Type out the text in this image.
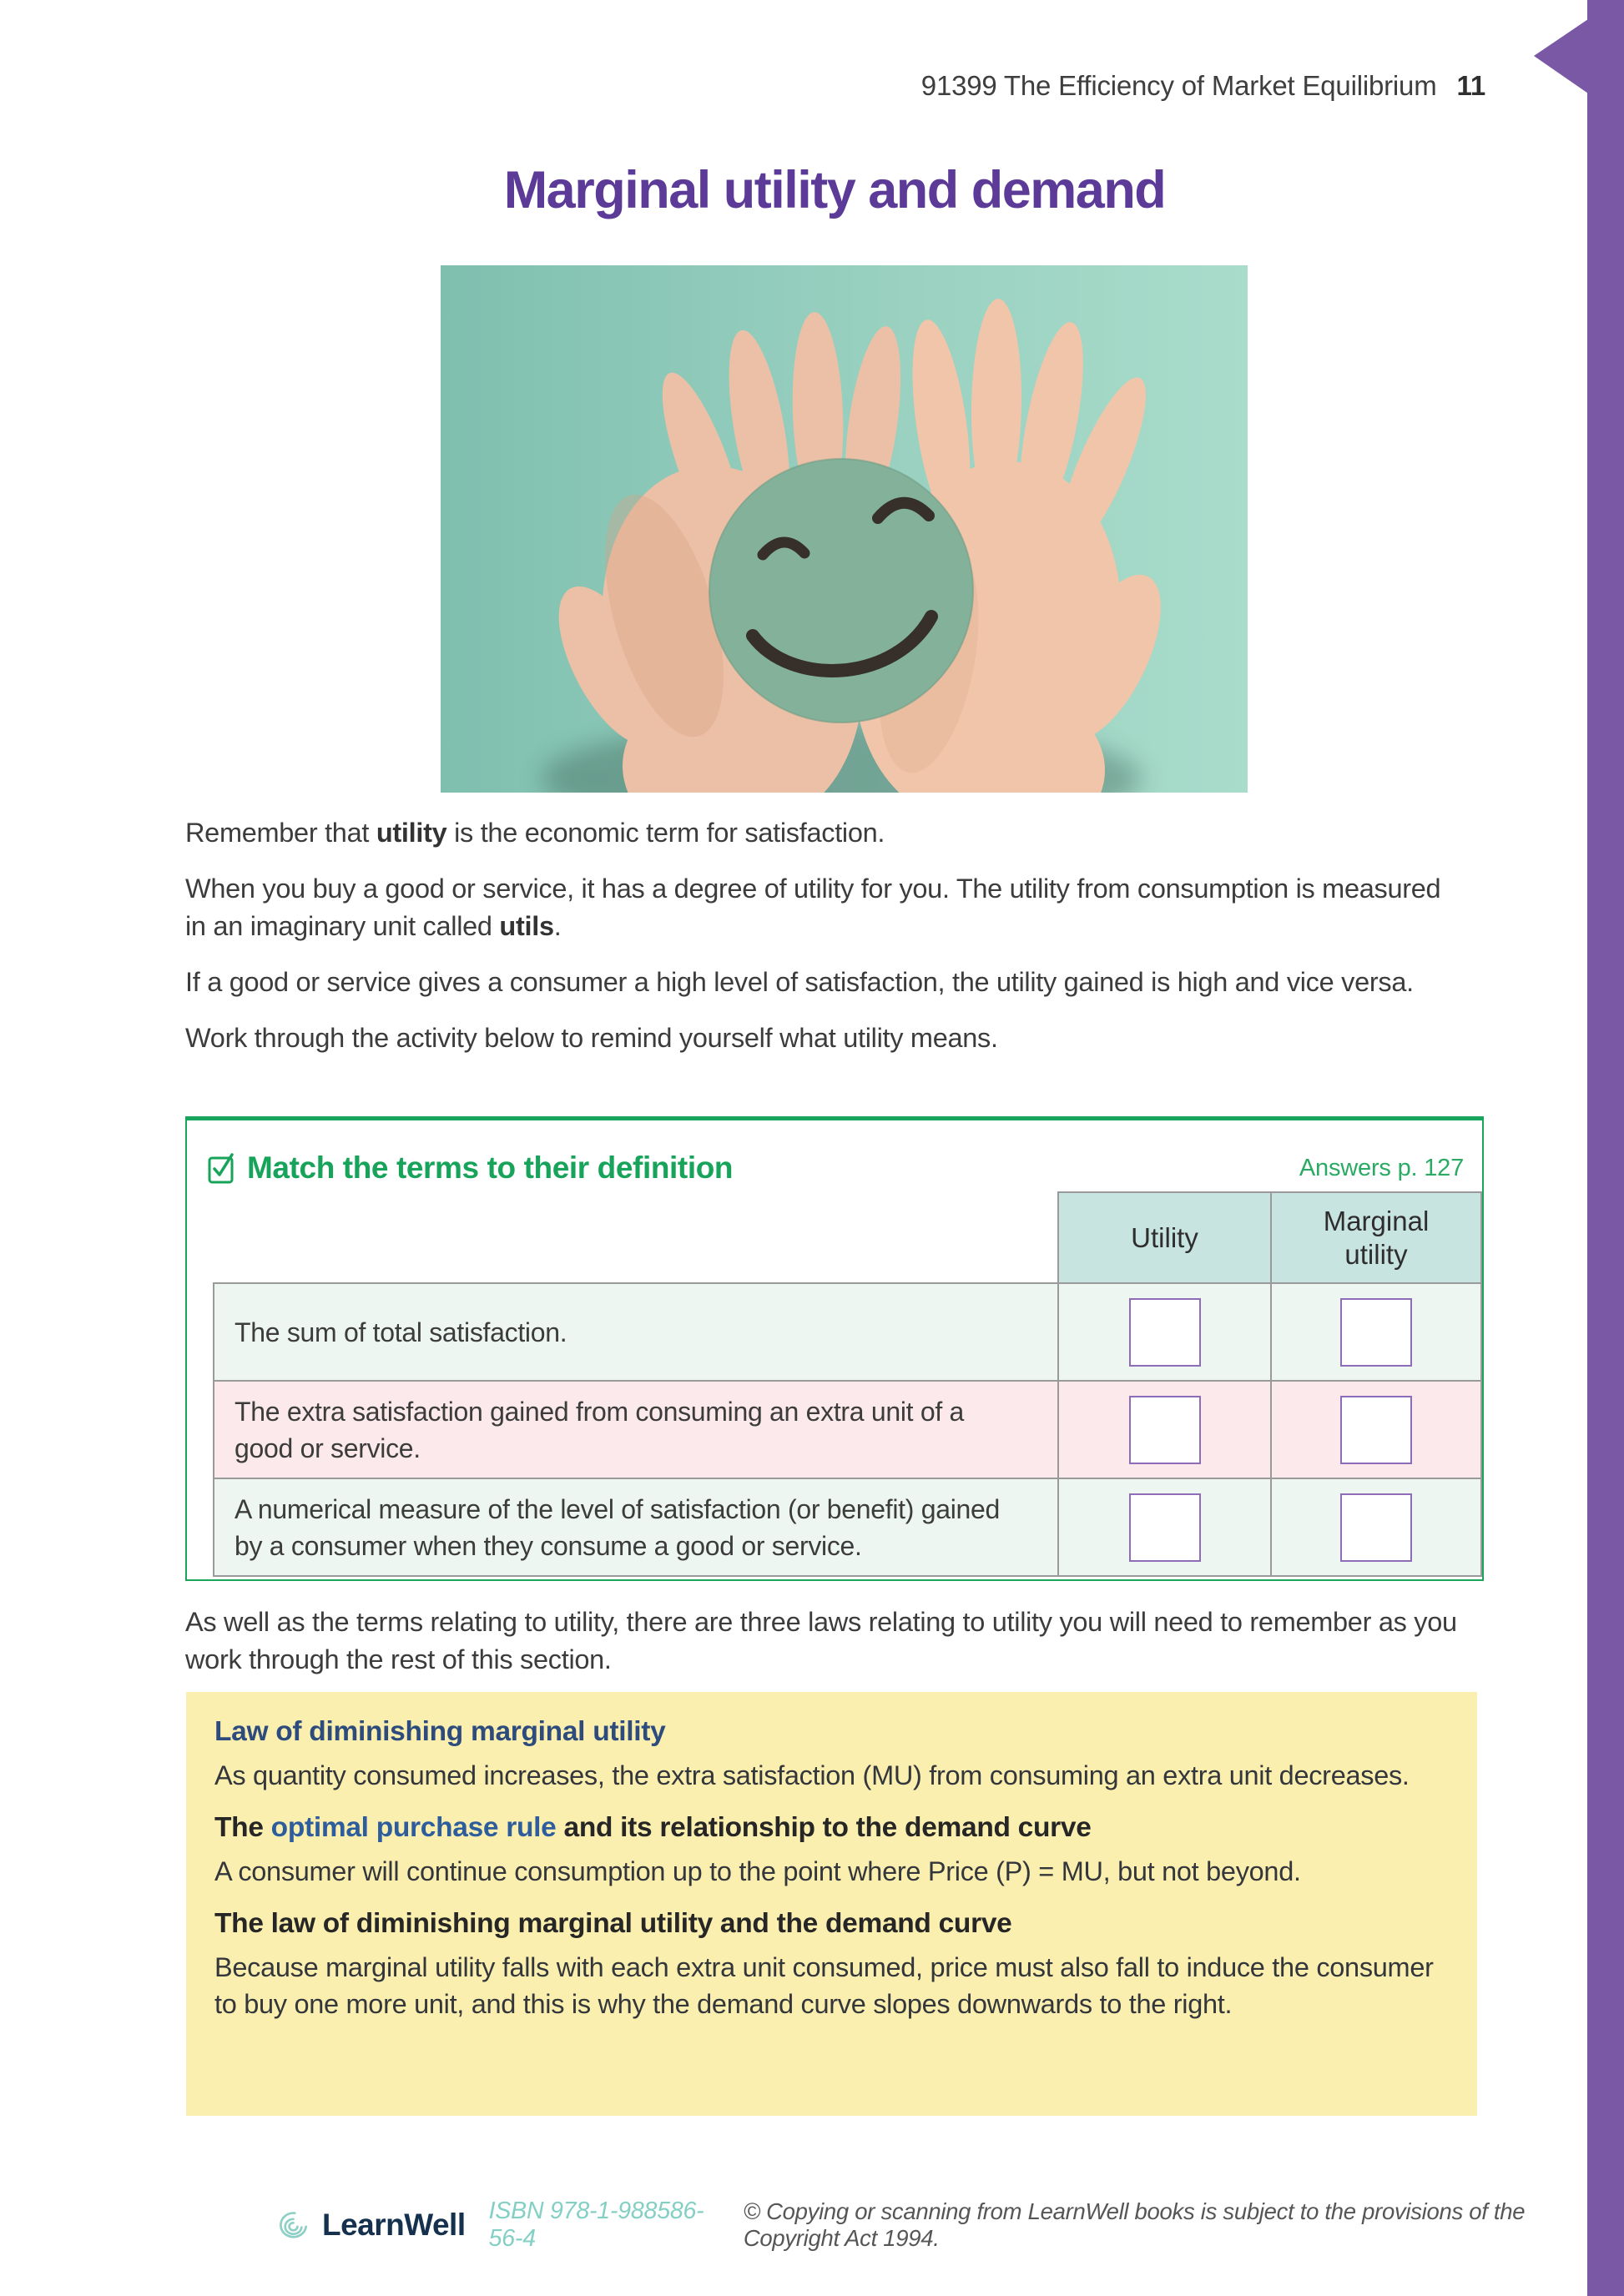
91399 The Efficiency of Market Equilibrium 11
Marginal utility and demand

Remember that utility is the economic term for satisfaction.

When you buy a good or service, it has a degree of utility for you. The utility from consumption is measured in an imaginary unit called utils.

If a good or service gives a consumer a high level of satisfaction, the utility gained is high and vice versa.

Work through the activity below to remind yourself what utility means.

Match the terms to their definition	Answers p. 127
	Utility	Marginal utility
The sum of total satisfaction.	

The extra satisfaction gained from consuming an extra unit of a good or service.	

A numerical measure of the level of satisfaction (or benefit) gained by a consumer when they consume a good or service.	

As well as the terms relating to utility, there are three laws relating to utility you will need to remember as you work through the rest of this section.

Law of diminishing marginal utility

As quantity consumed increases, the extra satisfaction (MU) from consuming an extra unit decreases.

The optimal purchase rule and its relationship to the demand curve

A consumer will continue consumption up to the point where Price (P) = MU, but not beyond.

The law of diminishing marginal utility and the demand curve

Because marginal utility falls with each extra unit consumed, price must also fall to induce the consumer to buy one more unit, and this is why the demand curve slopes downwards to the right.

LearnWell ISBN 978-1-988586-56-4
© Copying or scanning from LearnWell books is subject to the provisions of the Copyright Act 1994.
